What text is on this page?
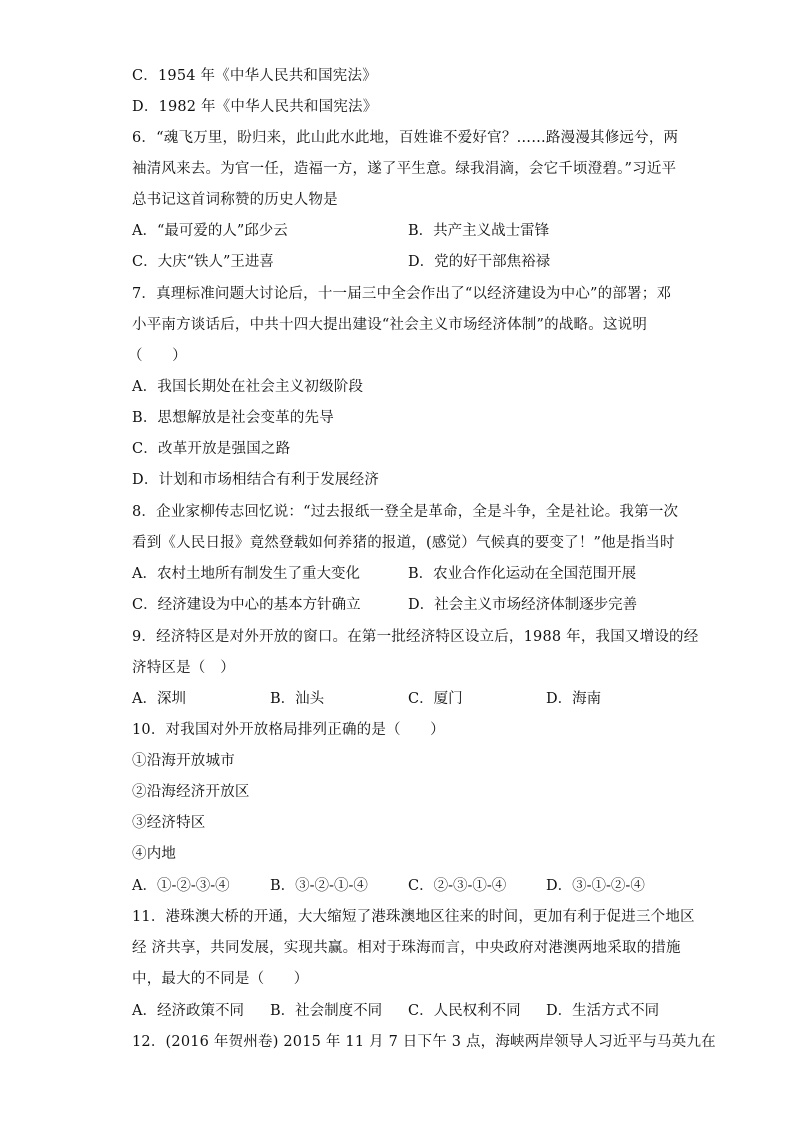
C．1954 年《中华人民共和国宪法》
D．1982 年《中华人民共和国宪法》
6．“魂飞万里，盼归来，此山此水此地，百姓谁不爱好官？……路漫漫其修远兮，两
袖清风来去。为官一任，造福一方，遂了平生意。绿我涓滴，会它千顷澄碧。”习近平
总书记这首词称赞的历史人物是
A．“最可爱的人”邱少云	B．共产主义战士雷锋
C．大庆“铁人”王进喜	D．党的好干部焦裕禄
7．真理标准问题大讨论后，十一届三中全会作出了“以经济建设为中心”的部署；邓
小平南方谈话后，中共十四大提出建设“社会主义市场经济体制”的战略。这说明
（　　）
A．我国长期处在社会主义初级阶段
B．思想解放是社会变革的先导
C．改革开放是强国之路
D．计划和市场相结合有利于发展经济
8．企业家柳传志回忆说：“过去报纸一登全是革命，全是斗争，全是社论。我第一次
看到《人民日报》竟然登载如何养猪的报道，(感觉）气候真的要变了！”他是指当时
A．农村土地所有制发生了重大变化	B．农业合作化运动在全国范围开展
C．经济建设为中心的基本方针确立	D．社会主义市场经济体制逐步完善
9．经济特区是对外开放的窗口。在第一批经济特区设立后，1988 年，我国又增设的经
济特区是（　）
A．深圳	B．汕头	C．厦门	D．海南
10．对我国对外开放格局排列正确的是（　　）
①沿海开放城市
②沿海经济开放区
③经济特区
④内地
A．①-②-③-④	B．③-②-①-④	C．②-③-①-④	D．③-①-②-④
11．港珠澳大桥的开通，大大缩短了港珠澳地区往来的时间，更加有利于促进三个地区
经 济共享，共同发展，实现共赢。相对于珠海而言，中央政府对港澳两地采取的措施
中，最大的不同是（　　）
A．经济政策不同 B．社会制度不同 C．人民权利不同 D．生活方式不同
12．(2016 年贺州卷) 2015 年 11 月 7 日下午 3 点，海峡两岸领导人习近平与马英九在
